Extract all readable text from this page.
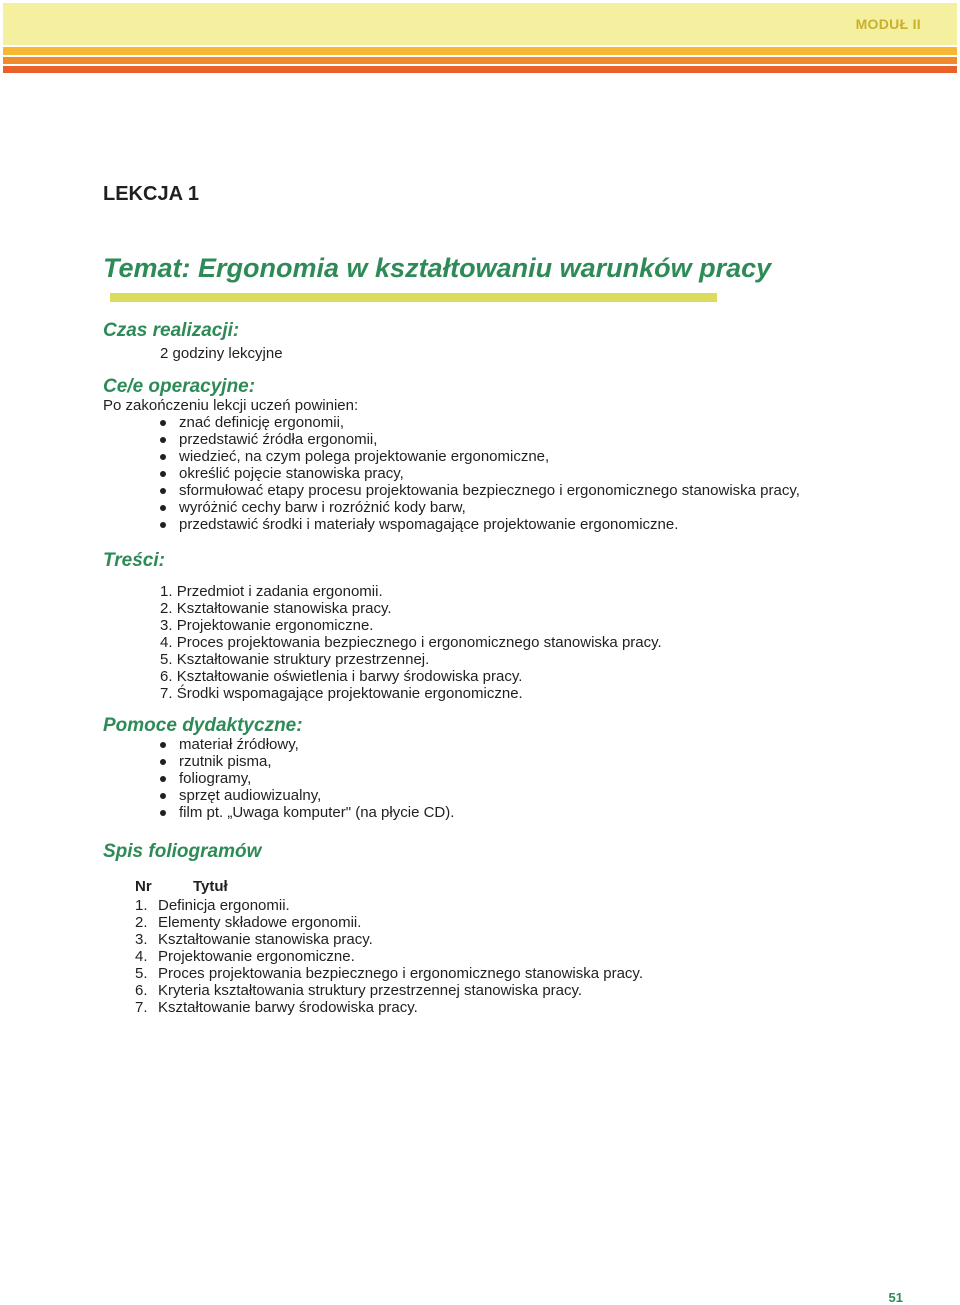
MODUŁ II
LEKCJA 1
Temat: Ergonomia w kształtowaniu warunków pracy
Czas realizacji:
2 godziny lekcyjne
Ce/e operacyjne:
Po zakończeniu lekcji uczeń powinien:
znać definicję ergonomii,
przedstawić źródła ergonomii,
wiedzieć, na czym polega projektowanie ergonomiczne,
określić pojęcie stanowiska pracy,
sformułować etapy procesu projektowania bezpiecznego i ergonomicznego stanowiska pracy,
wyróżnić cechy barw i rozróżnić kody barw,
przedstawić środki i materiały wspomagające projektowanie ergonomiczne.
Treści:
1. Przedmiot i zadania ergonomii.
2. Kształtowanie stanowiska pracy.
3. Projektowanie ergonomiczne.
4. Proces projektowania bezpiecznego i ergonomicznego stanowiska pracy.
5. Kształtowanie struktury przestrzennej.
6. Kształtowanie oświetlenia i barwy środowiska pracy.
7. Środki wspomagające projektowanie ergonomiczne.
Pomoce dydaktyczne:
materiał źródłowy,
rzutnik pisma,
foliogramy,
sprzęt audiowizualny,
film pt. „Uwaga komputer" (na płycie CD).
Spis foliogramów
Nr	Tytuł
1. Definicja ergonomii.
2. Elementy składowe ergonomii.
3. Kształtowanie stanowiska pracy.
4. Projektowanie ergonomiczne.
5. Proces projektowania bezpiecznego i ergonomicznego stanowiska pracy.
6. Kryteria kształtowania struktury przestrzennej stanowiska pracy.
7. Kształtowanie barwy środowiska pracy.
51
